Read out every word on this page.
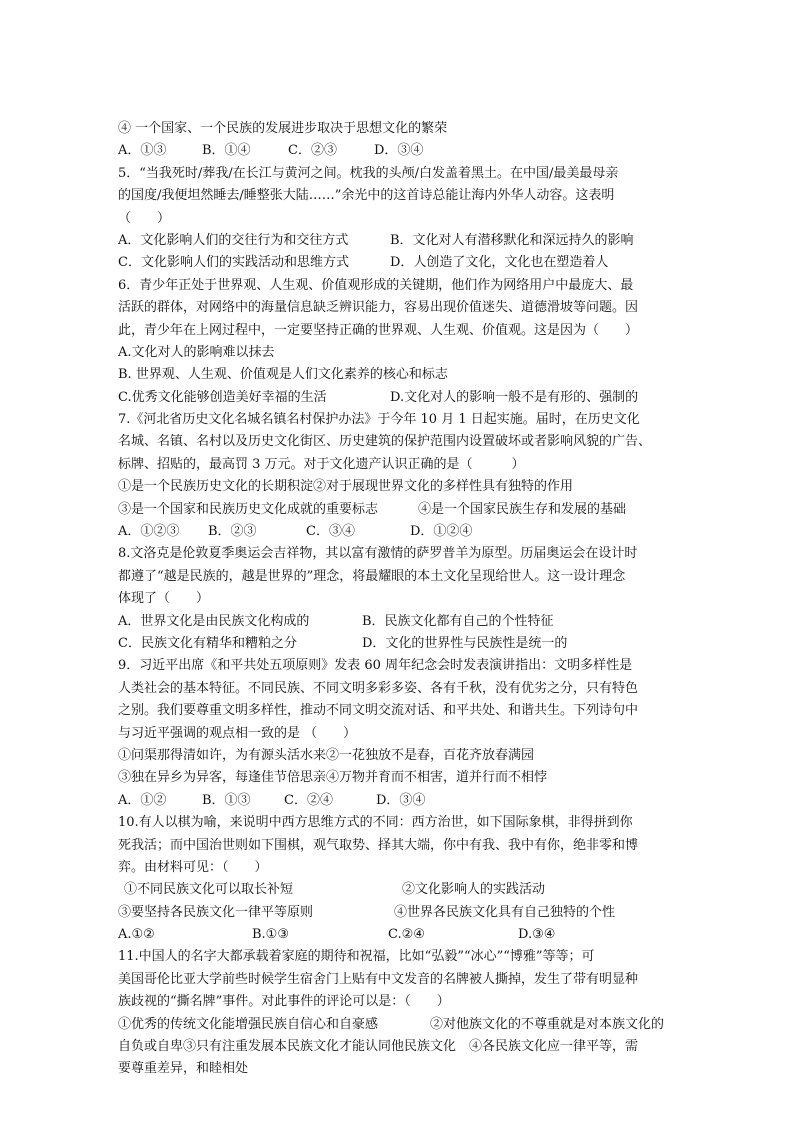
④ 一个国家、一个民族的发展进步取决于思想文化的繁荣
A．①③	B．①④	C．②③	D．③④
5．“当我死时/葬我/在长江与黄河之间。枕我的头颅/白发盖着黑土。在中国/最美最母亲
的国度/我便坦然睡去/睡整张大陆……”余光中的这首诗总能让海内外华人动容。这表明
（　　）
A．文化影响人们的交往行为和交往方式	B．文化对人有潜移默化和深远持久的影响
C．文化影响人们的实践活动和思维方式	D．人创造了文化，文化也在塑造着人
6．青少年正处于世界观、人生观、价值观形成的关键期，他们作为网络用户中最庞大、最
活跃的群体，对网络中的海量信息缺乏辨识能力，容易出现价值迷失、道德滑坡等问题。因
此，青少年在上网过程中，一定要坚持正确的世界观、人生观、价值观。这是因为（　　）
A.文化对人的影响难以抹去
B. 世界观、人生观、价值观是人们文化素养的核心和标志
C.优秀文化能够创造美好幸福的生活	D.文化对人的影响一般不是有形的、强制的
7.《河北省历史文化名城名镇名村保护办法》于今年 10 月 1 日起实施。届时，在历史文化
名城、名镇、名村以及历史文化街区、历史建筑的保护范围内设置破坏或者影响风貌的广告、
标牌、招贴的，最高罚 3 万元。对于文化遗产认识正确的是（　　　）
①是一个民族历史文化的长期积淀②对于展现世界文化的多样性具有独特的作用
③是一个国家和民族历史文化成就的重要标志	④是一个国家民族生存和发展的基础
A．①②③	B．②③	C．③④	D．①②④
8.文洛克是伦敦夏季奥运会吉祥物，其以富有激情的萨罗普羊为原型。历届奥运会在设计时
都遵了“越是民族的，越是世界的”理念，将最耀眼的本土文化呈现给世人。这一设计理念
体现了（　　）
A．世界文化是由民族文化构成的	B．民族文化都有自己的个性特征
C．民族文化有精华和糟粕之分	D．文化的世界性与民族性是统一的
9．习近平出席《和平共处五项原则》发表 60 周年纪念会时发表演讲指出：文明多样性是
人类社会的基本特征。不同民族、不同文明多彩多姿、各有千秋，没有优劣之分，只有特色
之别。我们要尊重文明多样性，推动不同文明交流对话、和平共处、和谐共生。下列诗句中
与习近平强调的观点相一致的是 （　　）
①问渠那得清如许，为有源头活水来②一花独放不是春，百花齐放春满园
③独在异乡为异客，每逢佳节倍思亲④万物并育而不相害，道并行而不相悖
A．①②	B．①③	C．②④	D．③④
10.有人以棋为喻，来说明中西方思维方式的不同：西方治世，如下国际象棋，非得拼到你
死我活；而中国治世则如下围棋，观气取势、择其大端，你中有我、我中有你，绝非零和博
弈。由材料可见：（　　）
①不同民族文化可以取长补短	②文化影响人的实践活动
③要坚持各民族文化一律平等原则	④世界各民族文化具有自己独特的个性
A.①②	B.①③	C.②④	D.③④
11.中国人的名字大都承载着家庭的期待和祝福，比如“弘毅”“冰心”“博雅”等等；可
美国哥伦比亚大学前些时候学生宿舍门上贴有中文发音的名牌被人撕掉，发生了带有明显种
族歧视的“撕名牌”事件。对此事件的评论可以是：（　　）
①优秀的传统文化能增强民族自信心和自豪感	②对他族文化的不尊重就是对本族文化的
自负或自卑③只有注重发展本民族文化才能认同他民族文化　④各民族文化应一律平等，需
要尊重差异，和睦相处
